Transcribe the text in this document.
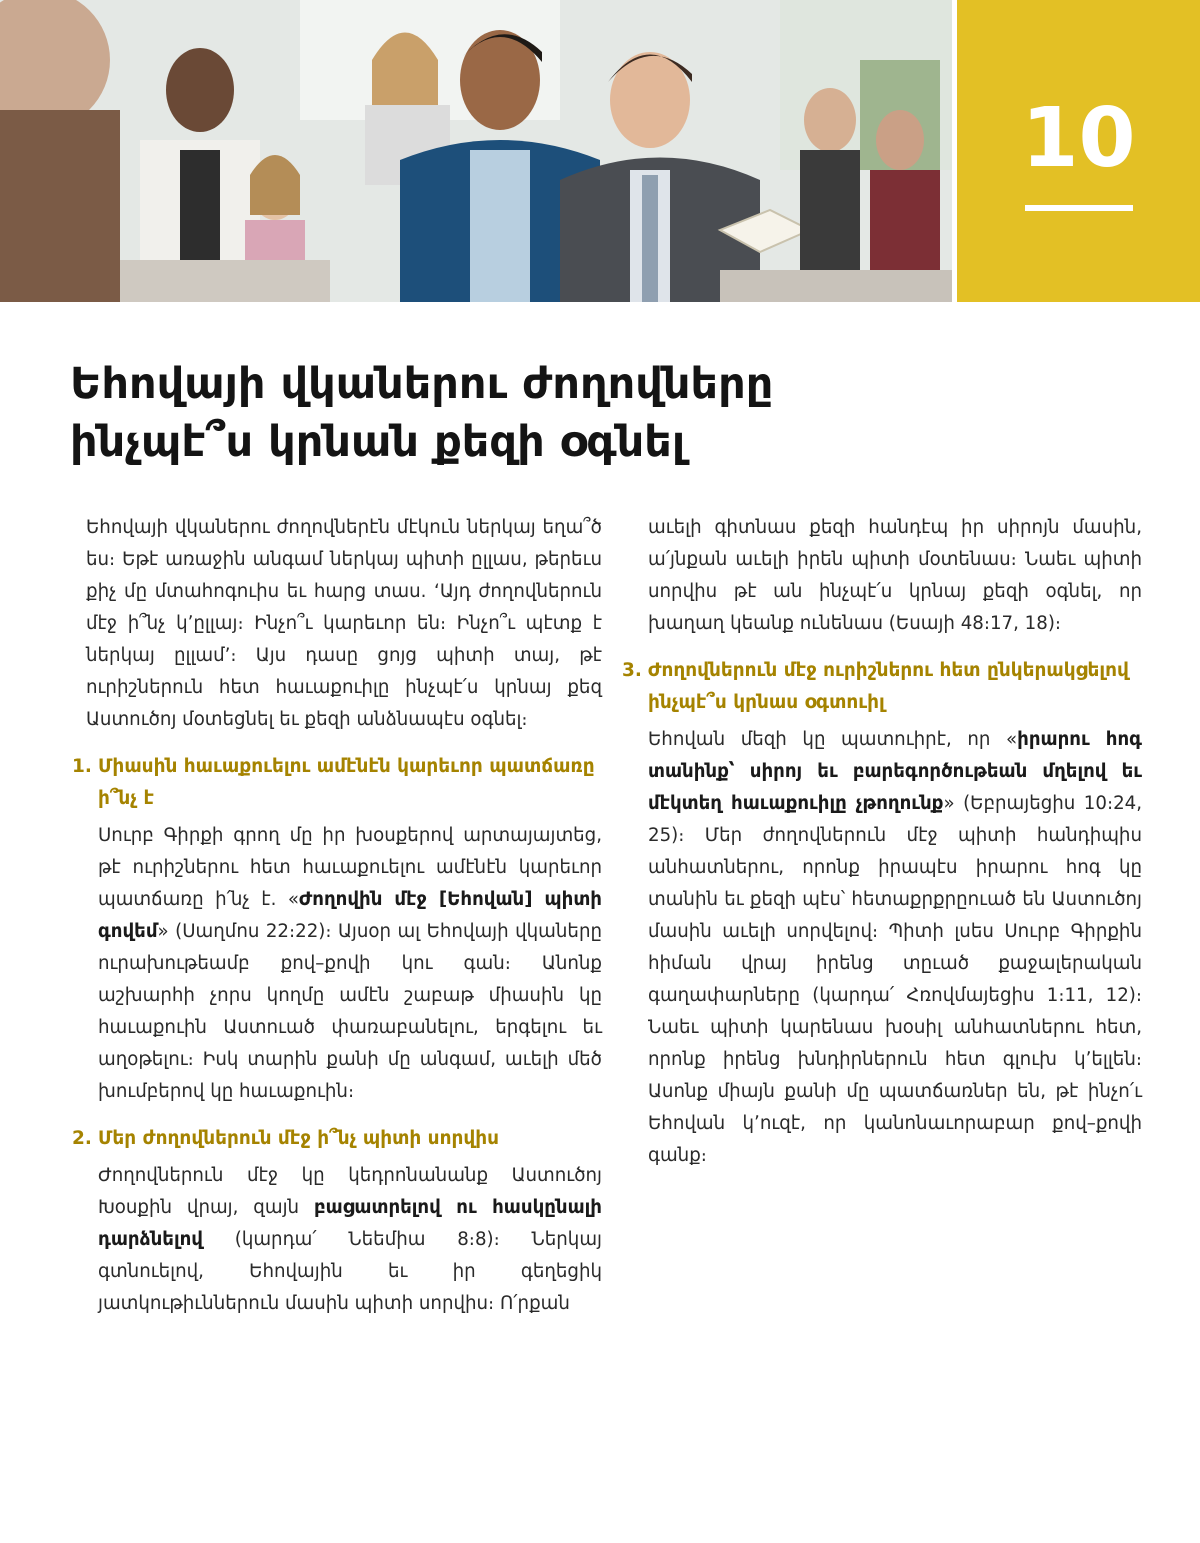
10
Եհովայի վկաներու ժողովները
ինչպէ՞ս կրնան քեզի օգնել

Եհովայի վկաներու ժողովներէն մէկուն ներկայ եղա՞ծ ես։ Եթէ առաջին անգամ ներկայ պիտի ըլլաս, թերեւս քիչ մը մտահոգուիս եւ հարց տաս. ‘Այդ ժողովներուն մէջ ի՞նչ կ՚ըլլայ։ Ինչո՞ւ կարեւոր են։ Ինչո՞ւ պէտք է ներկայ ըլլամ’։ Այս դասը ցոյց պիտի տայ, թէ ուրիշներուն հետ հաւաքուիլը ինչպէ՛ս կրնայ քեզ Աստուծոյ մօտեցնել եւ քեզի անձնապէս օգնել։

1. Միասին հաւաքուելու ամէնէն կարեւոր պատճառը ի՞նչ է

Սուրբ Գիրքի գրող մը իր խօսքերով արտայայտեց, թէ ուրիշներու հետ հաւաքուելու ամէնէն կարեւոր պատճառը ի՛նչ է. «Ժողովին մէջ [Եհովան] պիտի գովեմ» (Սաղմոս 22։22)։ Այսօր ալ Եհովայի վկաները ուրախութեամբ քով–քովի կու գան։ Անոնք աշխարհի չորս կողմը ամէն շաբաթ միասին կը հաւաքուին Աստուած փառաբանելու, երգելու եւ աղօթելու։ Իսկ տարին քանի մը անգամ, աւելի մեծ խումբերով կը հաւաքուին։

2. Մեր ժողովներուն մէջ ի՞նչ պիտի սորվիս

Ժողովներուն մէջ կը կեդրոնանանք Աստուծոյ Խօսքին վրայ, զայն բացատրելով ու հասկընալի դարձնելով (կարդա՛ Նեեմիա 8։8)։ Ներկայ գտնուելով, Եհովային եւ իր գեղեցիկ յատկութիւններուն մասին պիտի սորվիս։ Ո՛րքան

աւելի գիտնաս քեզի հանդէպ իր սիրոյն մասին, ա՛յնքան աւելի իրեն պիտի մօտենաս։ Նաեւ պիտի սորվիս թէ ան ինչպէ՛ս կրնայ քեզի օգնել, որ խաղաղ կեանք ունենաս (Եսայի 48։17, 18)։

3. Ժողովներուն մէջ ուրիշներու հետ ընկերակցելով ինչպէ՞ս կրնաս օգտուիլ

Եհովան մեզի կը պատուիրէ, որ «իրարու հոգ տանինք՝ սիրոյ եւ բարեգործութեան մղելով եւ մէկտեղ հաւաքուիլը չթողունք» (Եբրայեցիս 10։24, 25)։ Մեր ժողովներուն մէջ պիտի հանդիպիս անհատներու, որոնք իրապէս իրարու հոգ կը տանին եւ քեզի պէս՝ հետաքրքրըուած են Աստուծոյ մասին աւելի սորվելով։ Պիտի լսես Սուրբ Գիրքին հիման վրայ իրենց տըւած քաջալերական գաղափարները (կարդա՛ Հռովմայեցիս 1։11, 12)։ Նաեւ պիտի կարենաս խօսիլ անհատներու հետ, որոնք իրենց խնդիրներուն հետ գլուխ կ՚ելլեն։ Ասոնք միայն քանի մը պատճառներ են, թէ ինչո՛ւ Եհովան կ՚ուզէ, որ կանոնաւորաբար քով–քովի գանք։
